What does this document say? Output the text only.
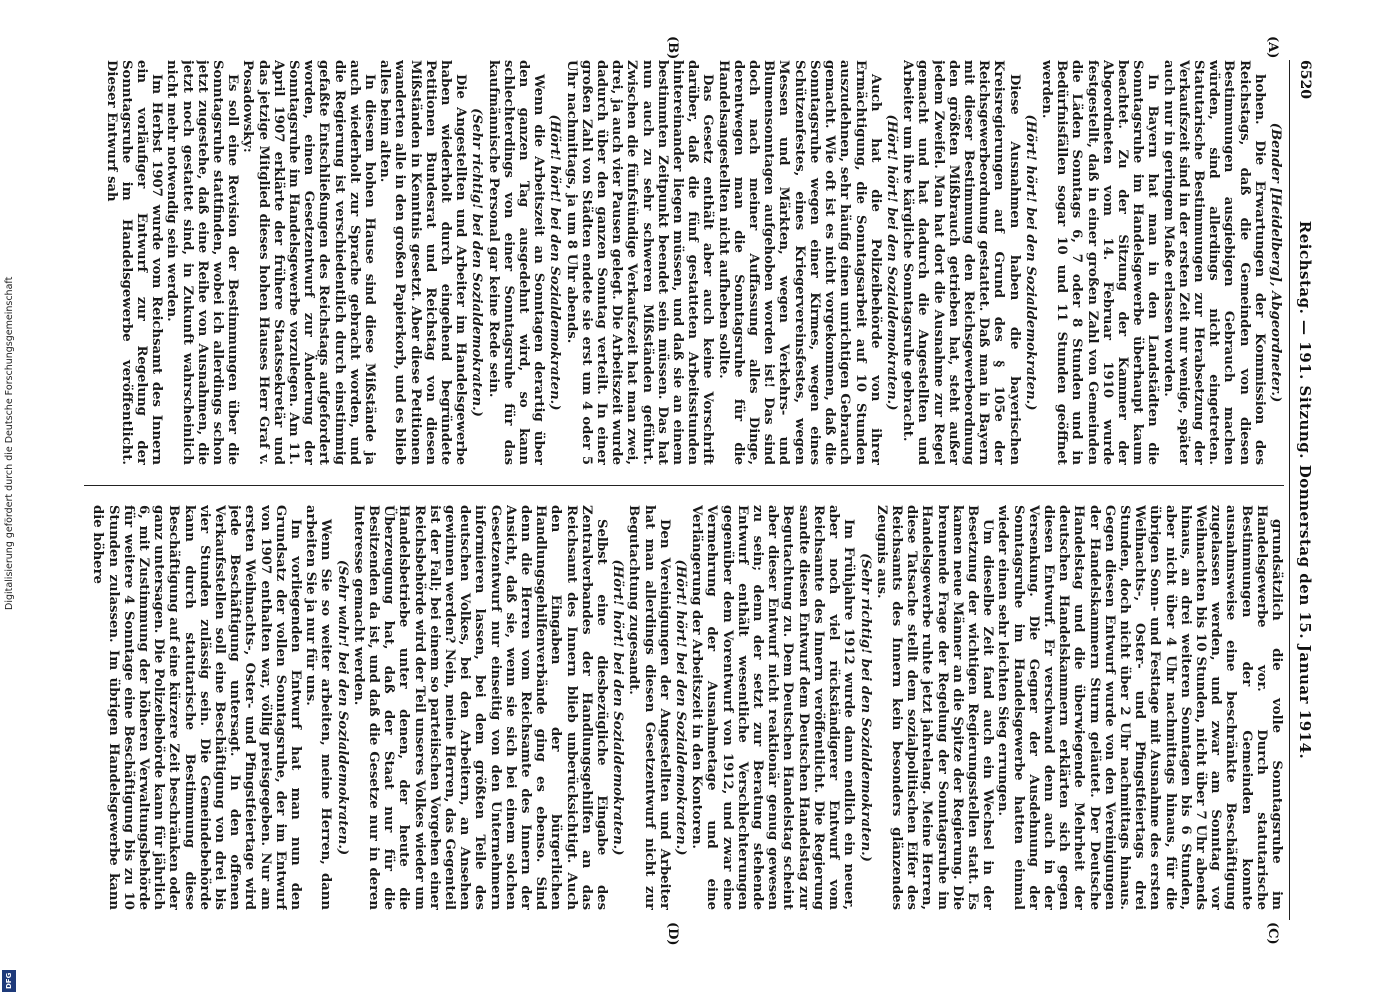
6520
Reichstag. — 191. Sitzung. Donnerstag den 15. Januar 1914.
(A)
(B)
(C)
(D)

(Bender [Heidelberg], Abgeordneter.)

hohen. Die Erwartungen der Kommission des Reichstags, daß die Gemeinden von diesen Bestimmungen ausgiebigen Gebrauch machen würden, sind allerdings nicht eingetreten. Statutarische Bestimmungen zur Herabsetzung der Verkaufszeit sind in der ersten Zeit nur wenige, später auch nur in geringem Maße erlassen worden.

In Bayern hat man in den Landstädten die Sonntagsruhe im Handelsgewerbe überhaupt kaum beachtet. Zu der Sitzung der Kammer der Abgeordneten vom 14. Februar 1910 wurde festgestellt, daß in einer großen Zahl von Gemeinden die Läden Sonntags 6, 7 oder 8 Stunden und in Bedürfnisfällen sogar 10 und 11 Stunden geöffnet werden.

(Hört! hört! bei den Sozialdemokraten.)

Diese Ausnahmen haben die bayerischen Kreisregierungen auf Grund des § 105e der Reichsgewerbeordnung gestattet. Daß man in Bayern mit dieser Bestimmung den Reichsgewerbeordnung den größten Mißbrauch getrieben hat, steht außer jedem Zweifel. Man hat dort die Ausnahme zur Regel gemacht und hat dadurch die Angestellten und Arbeiter um ihre kärgliche Sonntagsruhe gebracht.

(Hört! hört! bei den Sozialdemokraten.)

Auch hat die Polizeibehörde von ihrer Ermächtigung, die Sonntagsarbeit auf 10 Stunden auszudehnen, sehr häufig einen unrichtigen Gebrauch gemacht. Wie oft ist es nicht vorgekommen, daß die Sonntagsruhe wegen einer Kirmes, wegen eines Schützenfestes, eines Kriegervereinsfestes, wegen Messen und Märkten, wegen Verkehrs- und Blumensonntagen aufgehoben worden ist! Das sind doch nach meiner Auffassung alles Dinge, derentwegen man die Sonntagsruhe für die Handelsangestellten nicht aufheben sollte.

Das Gesetz enthält aber auch keine Vorschrift darüber, daß die fünf gestatteten Arbeitsstunden hintereinander liegen müssen, und daß sie an einem bestimmten Zeitpunkt beendet sein müssen. Das hat nun auch zu sehr schweren Mißständen geführt. Zwischen die fünfstündige Verkaufszeit hat man zwei, drei, ja auch vier Pausen gelegt. Die Arbeitszeit wurde dadurch über den ganzen Sonntag verteilt. In einer großen Zahl von Städten endete sie erst um 4 oder 5 Uhr nachmittags, ja um 8 Uhr abends.

(Hört! hört! bei den Sozialdemokraten.)

Wenn die Arbeitszeit an Sonntagen derartig über den ganzen Tag ausgedehnt wird, so kann schlechterdings von einer Sonntagsruhe für das kaufmännische Personal gar keine Rede sein.

(Sehr richtig! bei den Sozialdemokraten.)

Die Angestellten und Arbeiter im Handelsgewerbe haben wiederholt durch eingehend begründete Petitionen Bundesrat und Reichstag von diesen Mißständen in Kenntnis gesetzt. Aber diese Petitionen wanderten alle in den großen Papierkorb, und es blieb alles beim alten.

In diesem hohen Hause sind diese Mißstände ja auch wiederholt zur Sprache gebracht worden, und die Regierung ist verschiedentlich durch einstimmig gefaßte Entschließungen des Reichstags aufgefordert worden, einen Gesetzentwurf zur Änderung der Sonntagsruhe im Handelsgewerbe vorzulegen. Am 11. April 1907 erklärte der frühere Staatssekretär und das jetzige Mitglied dieses hohen Hauses Herr Graf v. Posadowsky:

Es soll eine Revision der Bestimmungen über die Sonntagsruhe stattfinden, wobei ich allerdings schon jetzt zugestehe, daß eine Reihe von Ausnahmen, die jetzt noch gestattet sind, in Zukunft wahrscheinlich nicht mehr notwendig sein werden.

Im Herbst 1907 wurde vom Reichsamt des Innern ein vorläufiger Entwurf zur Regelung der Sonntagsruhe im Handelsgewerbe veröffentlicht. Dieser Entwurf sah

grundsätzlich die volle Sonntagsruhe im Handelsgewerbe vor. Durch statutarische Bestimmungen der Gemeinden konnte ausnahmsweise eine beschränkte Beschäftigung zugelassen werden, und zwar am Sonntag vor Weihnachten bis 10 Stunden, nicht über 7 Uhr abends hinaus, an drei weiteren Sonntagen bis 6 Stunden, aber nicht über 4 Uhr nachmittags hinaus, für die übrigen Sonn- und Festtage mit Ausnahme des ersten Weihnachts-, Oster- und Pfingstfeiertags drei Stunden, doch nicht über 2 Uhr nachmittags hinaus. Gegen diesen Entwurf wurde von den Vereinigungen der Handelskammern Sturm geläutet. Der Deutsche Handelstag und die überwiegende Mehrheit der deutschen Handelskammern erklärten sich gegen diesen Entwurf. Er verschwand denn auch in der Versenkung. Die Gegner der Ausdehnung der Sonntagsruhe im Handelsgewerbe hatten einmal wieder einen sehr leichten Sieg errungen.

Um dieselbe Zeit fand auch ein Wechsel in der Besetzung der wichtigen Regierungsstellen statt. Es kamen neue Männer an die Spitze der Regierung. Die brennende Frage der Regelung der Sonntagsruhe im Handelsgewerbe ruhte jetzt jahrelang. Meine Herren, diese Tatsache stellt dem sozialpolitischen Eifer des Reichsamts des Innern kein besonders glänzendes Zeugnis aus.

(Sehr richtig! bei den Sozialdemokraten.)

Im Frühjahre 1912 wurde dann endlich ein neuer, aber noch viel rückständigerer Entwurf vom Reichsamte des Innern veröffentlicht. Die Regierung sandte diesen Entwurf dem Deutschen Handelstag zur Begutachtung zu. Dem Deutschen Handelstag scheint aber dieser Entwurf nicht reaktionär genug gewesen zu sein; denn der setzt zur Beratung stehende Entwurf enthält wesentliche Verschlechterungen gegenüber dem Vorentwurf von 1912, und zwar eine Vermehrung der Ausnahmetage und eine Verlängerung der Arbeitszeit in den Kontoren.

(Hört! hört! bei den Sozialdemokraten.)

Den Vereinigungen der Angestellten und Arbeiter hat man allerdings diesen Gesetzentwurf nicht zur Begutachtung zugesandt.

(Hört! hört! bei den Sozialdemokraten.)

Selbst eine diesbezügliche Eingabe des Zentralverbandes der Handlungsgehilfen an das Reichsamt des Innern blieb unberücksichtigt. Auch den Eingaben der bürgerlichen Handlungsgehilfenverbände ging es ebenso. Sind denn die Herren vom Reichsamte des Innern der Ansicht, daß sie, wenn sie sich bei einem solchen Gesetzentwurf nur einseitig von den Unternehmern informieren lassen, bei dem größten Teile des deutschen Volkes, bei den Arbeitern, an Ansehen gewinnen werden? Nein, meine Herren, das Gegenteil ist der Fall; bei einem so parteiischen Vorgehen einer Reichsbehörde wird der Teil unseres Volkes wieder um Handelsbetriebe unter denen, der heute die Überzeugung hat, daß der Staat nur für die Besitzenden da ist, und daß die Gesetze nur in deren Interesse gemacht werden.

(Sehr wahr! bei den Sozialdemokraten.)

Wenn Sie so weiter arbeiten, meine Herren, dann arbeiten Sie ja nur für uns.

Im vorliegenden Entwurf hat man nun den Grundsatz der vollen Sonntagsruhe, der im Entwurf von 1907 enthalten war, völlig preisgegeben. Nur am ersten Weihnachts-, Oster- und Pfingstfeiertage wird jede Beschäftigung untersagt. In den offenen Verkaufsstellen soll eine Beschäftigung von drei bis vier Stunden zulässig sein. Die Gemeindebehörde kann durch statutarische Bestimmung diese Beschäftigung auf eine kürzere Zeit beschränken oder ganz untersagen. Die Polizeibehörde kann für jährlich 6, mit Zustimmung der höheren Verwaltungsbehörde für weitere 4 Sonntage eine Beschäftigung bis zu 10 Stunden zulassen. Im übrigen Handelsgewerbe kann die höhere

Digitalisierung gefördert durch die Deutsche Forschungsgemeinschaft
DFG
